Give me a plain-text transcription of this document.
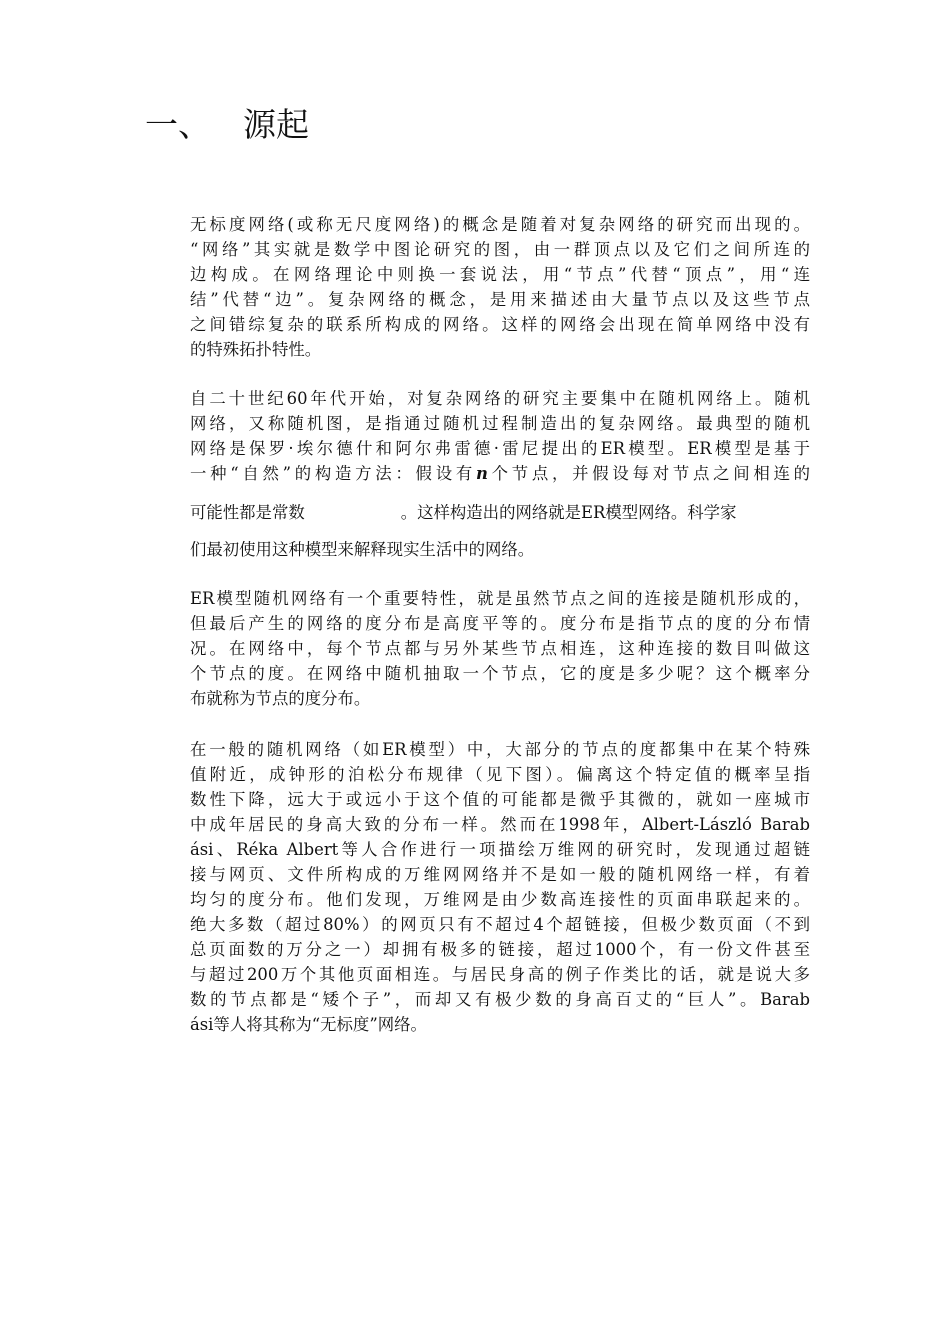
一、 源起
无标度网络(或称无尺度网络)的概念是随着对复杂网络的研究而出现的。
“网络”其实就是数学中图论研究的图，由一群顶点以及它们之间所连的
边构成。在网络理论中则换一套说法，用“节点”代替“顶点”，用“连
结”代替“边”。复杂网络的概念，是用来描述由大量节点以及这些节点
之间错综复杂的联系所构成的网络。这样的网络会出现在简单网络中没有
的特殊拓扑特性。
自二十世纪60年代开始，对复杂网络的研究主要集中在随机网络上。随机
网络，又称随机图，是指通过随机过程制造出的复杂网络。最典型的随机
网络是保罗·埃尔德什和阿尔弗雷德·雷尼提出的ER模型。ER模型是基于
一种“自然”的构造方法：假设有n个节点，并假设每对节点之间相连的
可能性都是常数	。这样构造出的网络就是ER模型网络。科学家
们最初使用这种模型来解释现实生活中的网络。
ER模型随机网络有一个重要特性，就是虽然节点之间的连接是随机形成的，
但最后产生的网络的度分布是高度平等的。度分布是指节点的度的分布情
况。在网络中，每个节点都与另外某些节点相连，这种连接的数目叫做这
个节点的度。在网络中随机抽取一个节点，它的度是多少呢？这个概率分
布就称为节点的度分布。
在一般的随机网络（如ER模型）中，大部分的节点的度都集中在某个特殊
值附近，成钟形的泊松分布规律（见下图）。偏离这个特定值的概率呈指
数性下降，远大于或远小于这个值的可能都是微乎其微的，就如一座城市
中成年居民的身高大致的分布一样。然而在1998年，Albert-László Barab
ási、Réka Albert等人合作进行一项描绘万维网的研究时，发现通过超链
接与网页、文件所构成的万维网网络并不是如一般的随机网络一样，有着
均匀的度分布。他们发现，万维网是由少数高连接性的页面串联起来的。
绝大多数（超过80%）的网页只有不超过4个超链接，但极少数页面（不到
总页面数的万分之一）却拥有极多的链接，超过1000个，有一份文件甚至
与超过200万个其他页面相连。与居民身高的例子作类比的话，就是说大多
数的节点都是“矮个子”，而却又有极少数的身高百丈的“巨人”。Barab
ási等人将其称为“无标度”网络。
